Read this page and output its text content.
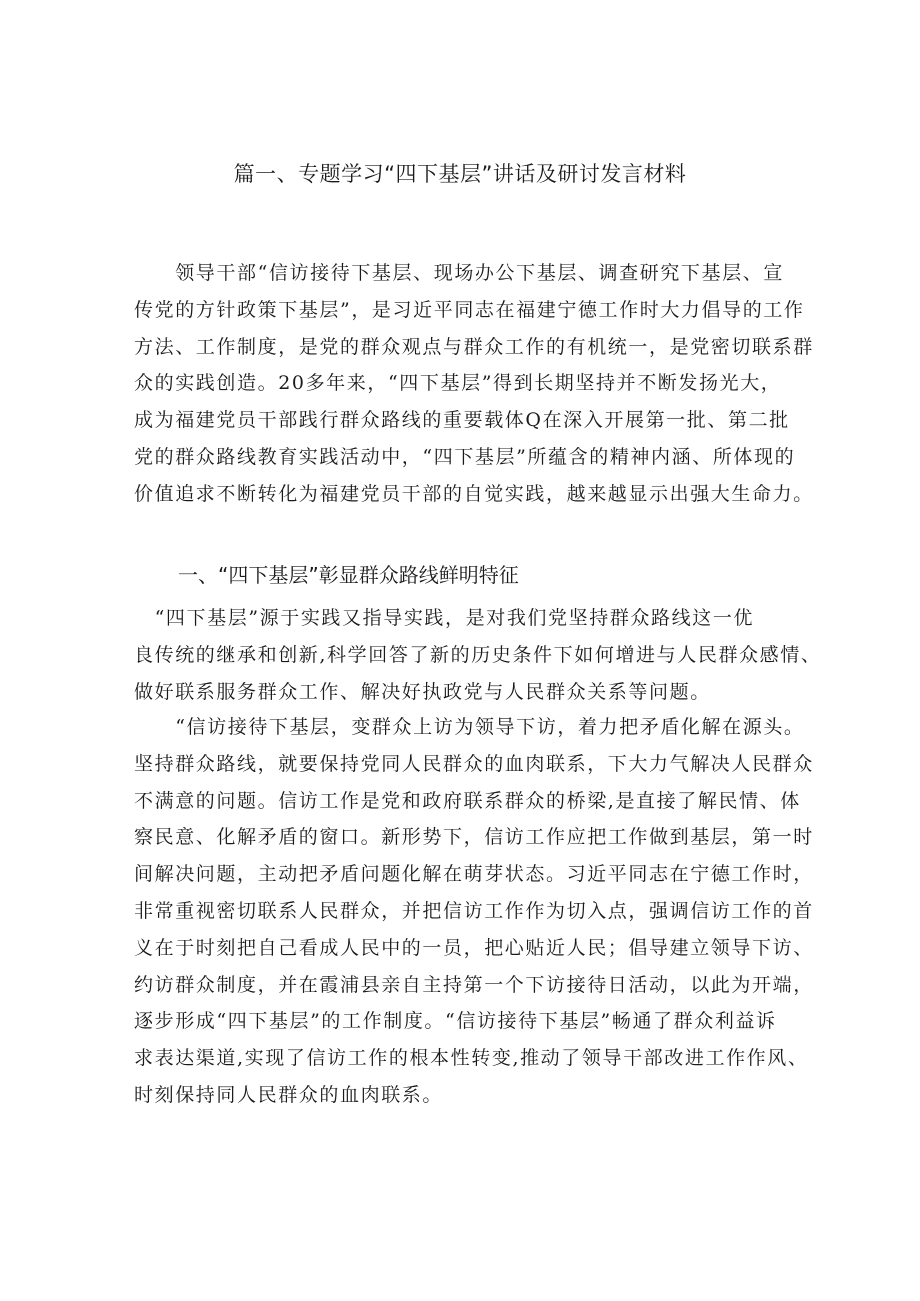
篇一、专题学习“四下基层”讲话及研讨发言材料

　　领导干部“信访接待下基层、现场办公下基层、调查研究下基层、宣
传党的方针政策下基层”，是习近平同志在福建宁德工作时大力倡导的工作
方法、工作制度，是党的群众观点与群众工作的有机统一，是党密切联系群
众的实践创造。20多年来，“四下基层”得到长期坚持并不断发扬光大，
成为福建党员干部践行群众路线的重要载体Q在深入开展第一批、第二批
党的群众路线教育实践活动中，“四下基层”所蕴含的精神内涵、所体现的
价值追求不断转化为福建党员干部的自觉实践，越来越显示出强大生命力。

一、“四下基层”彰显群众路线鲜明特征

　“四下基层”源于实践又指导实践，是对我们党坚持群众路线这一优
良传统的继承和创新,科学回答了新的历史条件下如何增进与人民群众感情、
做好联系服务群众工作、解决好执政党与人民群众关系等问题。

　　“信访接待下基层，变群众上访为领导下访，着力把矛盾化解在源头。
坚持群众路线，就要保持党同人民群众的血肉联系，下大力气解决人民群众
不满意的问题。信访工作是党和政府联系群众的桥梁,是直接了解民情、体
察民意、化解矛盾的窗口。新形势下，信访工作应把工作做到基层，第一时
间解决问题，主动把矛盾问题化解在萌芽状态。习近平同志在宁德工作时，
非常重视密切联系人民群众，并把信访工作作为切入点，强调信访工作的首
义在于时刻把自己看成人民中的一员，把心贴近人民；倡导建立领导下访、
约访群众制度，并在霞浦县亲自主持第一个下访接待日活动，以此为开端，
逐步形成“四下基层”的工作制度。“信访接待下基层”畅通了群众利益诉
求表达渠道,实现了信访工作的根本性转变,推动了领导干部改进工作作风、
时刻保持同人民群众的血肉联系。
